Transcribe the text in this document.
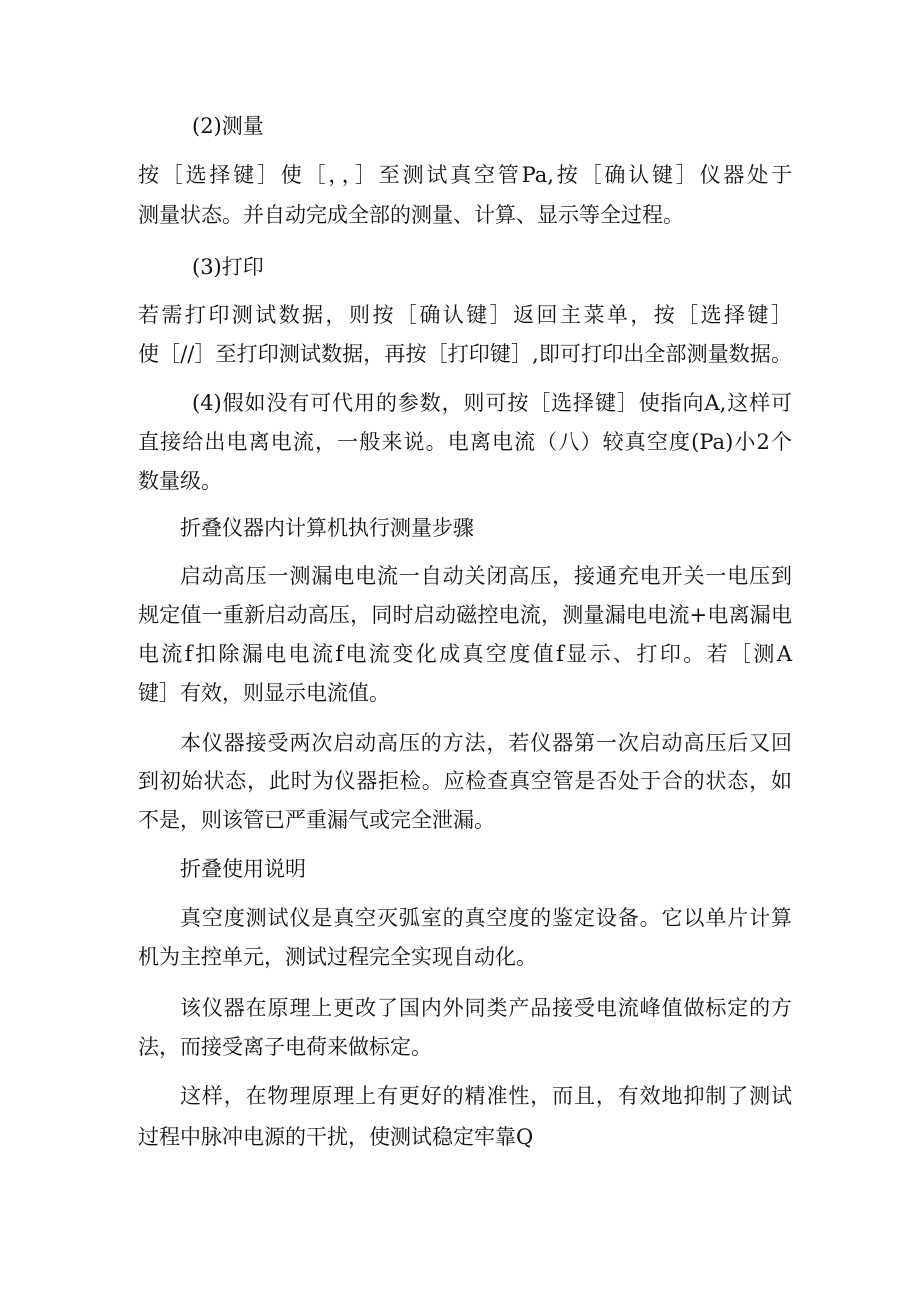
(2)测量
按［选择键］使［，，］至测试真空管Pa,按［确认键］仪器处于
测量状态。并自动完成全部的测量、计算、显示等全过程。
(3)打印
若需打印测试数据，则按［确认键］返回主菜单，按［选择键］
使［//］至打印测试数据，再按［打印键］,即可打印出全部测量数据。
(4)假如没有可代用的参数，则可按［选择键］使指向A,这样可
直接给出电离电流，一般来说。电离电流（八）较真空度(Pa)小2个
数量级。
折叠仪器内计算机执行测量步骤
启动高压一测漏电电流一自动关闭高压，接通充电开关一电压到
规定值一重新启动高压，同时启动磁控电流，测量漏电电流+电离漏电
电流f扣除漏电电流f电流变化成真空度值f显示、打印。若［测A
键］有效，则显示电流值。
本仪器接受两次启动高压的方法，若仪器第一次启动高压后又回
到初始状态，此时为仪器拒检。应检查真空管是否处于合的状态，如
不是，则该管已严重漏气或完全泄漏。
折叠使用说明
真空度测试仪是真空灭弧室的真空度的鉴定设备。它以单片计算
机为主控单元，测试过程完全实现自动化。
该仪器在原理上更改了国内外同类产品接受电流峰值做标定的方
法，而接受离子电荷来做标定。
这样，在物理原理上有更好的精准性，而且，有效地抑制了测试
过程中脉冲电源的干扰，使测试稳定牢靠Q
